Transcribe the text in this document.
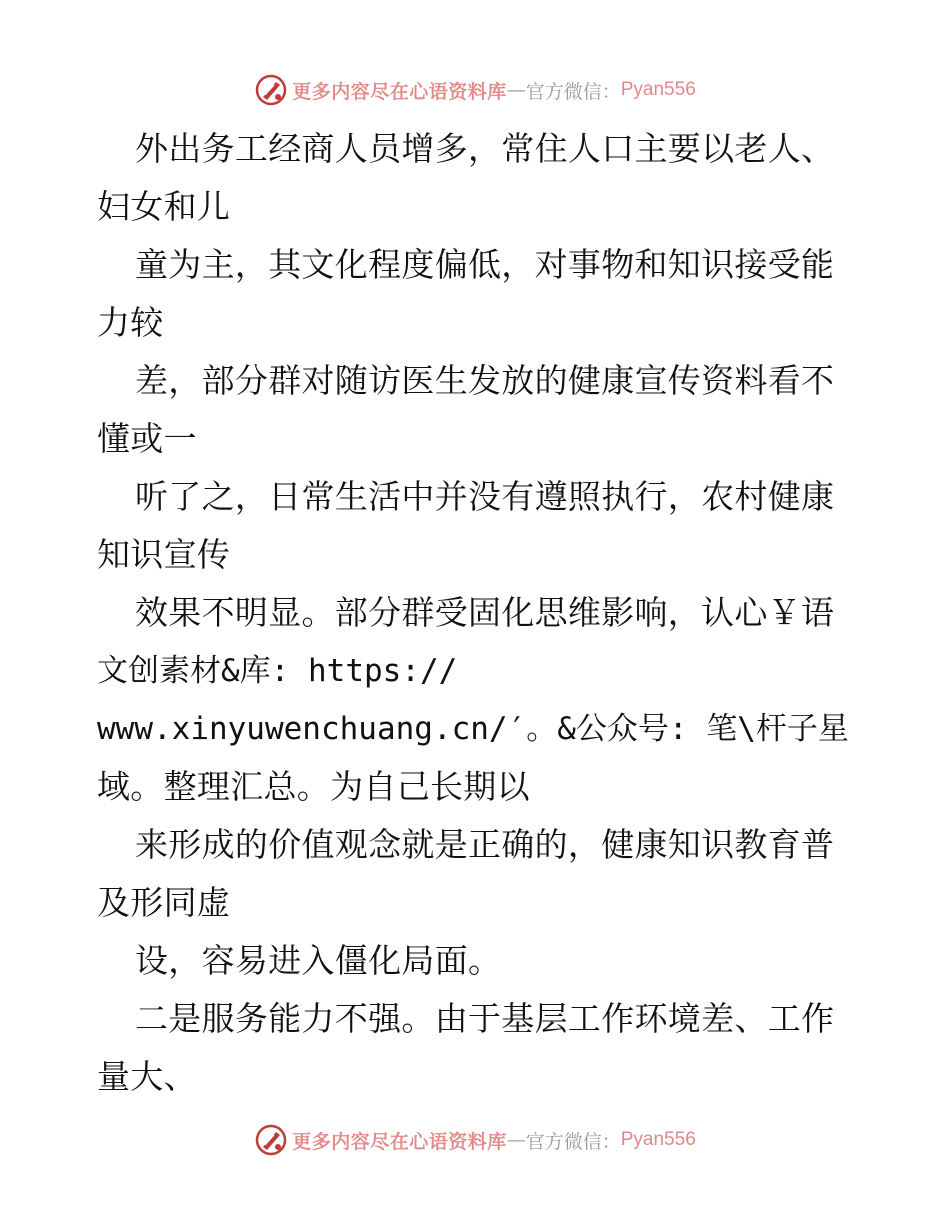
更多内容尽在心语资料库 — 官方微信： Pyan556

外出务工经商人员增多，常住人口主要以老人、

妇女和儿

童为主，其文化程度偏低，对事物和知识接受能

力较

差，部分群对随访医生发放的健康宣传资料看不

懂或一

听了之，日常生活中并没有遵照执行，农村健康

知识宣传

效果不明显。部分群受固化思维影响，认心￥语

文创素材&库: https://

www.xinyuwenchuang.cn/′。&公众号: 笔\杆子星

域。整理汇总。为自己长期以

来形成的价值观念就是正确的，健康知识教育普

及形同虚

设，容易进入僵化局面。

二是服务能力不强。由于基层工作环境差、工作

量大、

更多内容尽在心语资料库 — 官方微信： Pyan556
